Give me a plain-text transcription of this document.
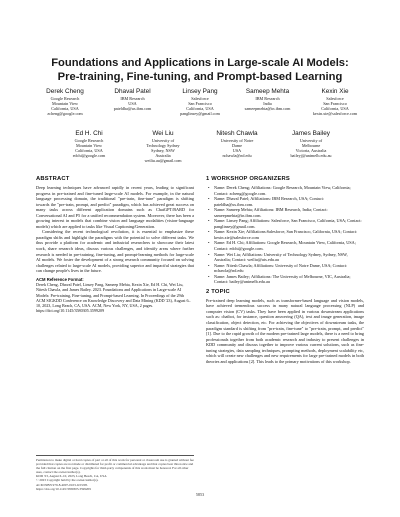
Foundations and Applications in Large-scale AI Models:
Pre-training, Fine-tuning, and Prompt-based Learning
Derek Cheng
Google Research
Mountain View
California, USA
zcheng@google.com
Dhaval Patel
IBM Research
USA
pateldha@us.ibm.com
Linsey Pang
Salesforce
San Francisco
California, USA
panglinsey@gmail.com
Sameep Mehta
IBM Research
India
sameepmehta@in.ibm.com
Kexin Xie
Salesforce
San Francisco
California, USA
kexin.xie@salesforce.com
Ed H. Chi
Google Research
Mountain View
California, USA
edchi@google.com
Wei Liu
University of
Technology Sydney
Sydney, NSW
Australia
weiliu.au@gmail.com
Nitesh Chawla
University of Notre
Dame
USA
nchawla@nd.edu
James Bailey
University of
Melbourne
Victoria, Australia
baileyj@unimelb.edu.au
ABSTRACT

Deep learning techniques have advanced rapidly in recent years, leading to significant progress in pre-trained and fine-tuned large-scale AI models. For example, in the natural language processing domain, the traditional "pre-train, fine-tune" paradigm is shifting towards the "pre-train, prompt, and predict" paradigm, which has achieved great success on many tasks across different application domains such as ChatGPT/BARD for Conversational AI and P5 for a unified recommendation system. Moreover, there has been a growing interest in models that combine vision and language modalities (vision-language models) which are applied to tasks like Visual Captioning/Generation.

Considering the recent technological revolution, it is essential to emphasize these paradigm shifts and highlight the paradigms with the potential to solve different tasks. We thus provide a platform for academic and industrial researchers to showcase their latest work, share research ideas, discuss various challenges, and identify areas where further research is needed in pre-training, fine-tuning, and prompt-learning methods for large-scale AI models. We foster the development of a strong research community focused on solving challenges related to large-scale AI models, providing superior and impactful strategies that can change people's lives in the future.

ACM Reference Format:
Derek Cheng, Dhaval Patel, Linsey Pang, Sameep Mehta, Kexin Xie, Ed H. Chi, Wei Liu, Nitesh Chawla, and James Bailey. 2023. Foundations and Applications in Large-scale AI Models: Pre-training, Fine-tuning, and Prompt-based Learning. In Proceedings of the 29th ACM SIGKDD Conference on Knowledge Discovery and Data Mining (KDD '23), August 6–10, 2023, Long Beach, CA, USA. ACM, New York, NY, USA, 2 pages. https://doi.org/10.1145/3580305.3599209
Permission to make digital or hard copies of part or all of this work for personal or classroom use is granted without fee provided that copies are not made or distributed for profit or commercial advantage and that copies bear this notice and the full citation on the first page. Copyrights for third-party components of this work must be honored. For all other uses, contact the owner/author(s).
KDD '23, August 6–10, 2023, Long Beach, CA, USA
© 2023 Copyright held by the owner/author(s).
ACM ISBN 979-8-4007-0103-0/23/08.
https://doi.org/10.1145/3580305.3599209
1 WORKSHOP ORGANIZERS
• Name: Derek Cheng; Affiliations: Google Research, Mountain View, California; Contact: zcheng@google.com.
• Name: Dhaval Patel; Affiliations: IBM Research, USA; Contact: pateldha@us.ibm.com.
• Name: Sameep Mehta; Affiliations: IBM Research, India; Contact: sameepmehta@in.ibm.com.
• Name: Linsey Pang; Affiliations: Salesforce, San Francisco, California, USA; Contact: panglinsey@gmail.com.
• Name: Kexin Xie; Affiliations:Salesforce, San Francisco, California, USA; Contact: kexin.xie@salesforce.com
• Name: Ed H. Chi; Affiliations: Google Research, Mountain View, California, USA; Contact: edchi@google.com.
• Name: Wei Liu; Affiliations: University of Technology Sydney, Sydney, NSW, Australia; Contact: weiliu@uts.edu.au
• Name: Nitesh Chawla; Affiliations: University of Notre Dame, USA; Contact: nchawla@nd.edu
• Name: James Bailey; Affiliations: The University of Melbourne, VIC, Australia; Contact: bailey@unimelb.edu.au
2 TOPIC

Pre-trained deep learning models, such as transformer-based language and vision models, have achieved tremendous success in many natural language processing (NLP) and computer vision (CV) tasks. They have been applied in various downstream applications such as: chatbot, for instance, question answering (QA), text and image generation, image classification, object detection, etc. For achieving the objectives of downstream tasks, the paradigm standard is shifting from "pre-train, fine-tune" to "pre-train, prompt, and predict" [1]. Due to the rapid growth of the modern pre-trained large models, there is a need to bring professionals together from both academic research and industry to present challenges in KDD community and discuss together to improve various current solutions, such as fine-tuning strategies, data sampling techniques, prompting methods, deployment scalability etc, which will create new challenges and new requirements for large pre-trained models in both theories and applications [2]. This leads to the primary motivations of this workshop.

5853
